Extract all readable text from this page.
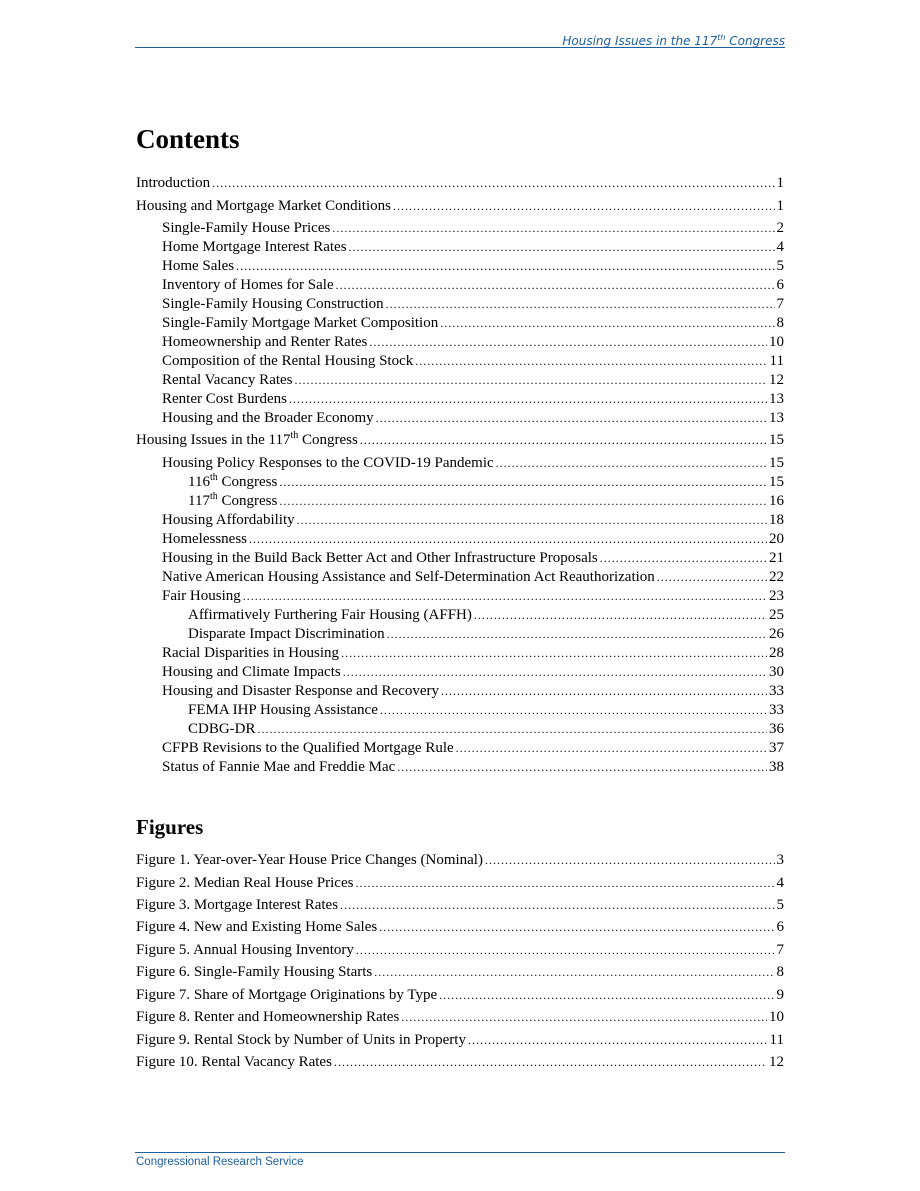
Housing Issues in the 117th Congress
Contents
Introduction .....	1
Housing and Mortgage Market Conditions .....	1
Single-Family House Prices .....	2
Home Mortgage Interest Rates .....	4
Home Sales .....	5
Inventory of Homes for Sale .....	6
Single-Family Housing Construction .....	7
Single-Family Mortgage Market Composition .....	8
Homeownership and Renter Rates .....	10
Composition of the Rental Housing Stock .....	11
Rental Vacancy Rates .....	12
Renter Cost Burdens .....	13
Housing and the Broader Economy .....	13
Housing Issues in the 117th Congress .....	15
Housing Policy Responses to the COVID-19 Pandemic .....	15
116th Congress .....	15
117th Congress .....	16
Housing Affordability .....	18
Homelessness .....	20
Housing in the Build Back Better Act and Other Infrastructure Proposals .....	21
Native American Housing Assistance and Self-Determination Act Reauthorization .....	22
Fair Housing .....	23
Affirmatively Furthering Fair Housing (AFFH) .....	25
Disparate Impact Discrimination .....	26
Racial Disparities in Housing .....	28
Housing and Climate Impacts .....	30
Housing and Disaster Response and Recovery .....	33
FEMA IHP Housing Assistance .....	33
CDBG-DR .....	36
CFPB Revisions to the Qualified Mortgage Rule .....	37
Status of Fannie Mae and Freddie Mac .....	38
Figures
Figure 1. Year-over-Year House Price Changes (Nominal) .....	3
Figure 2. Median Real House Prices .....	4
Figure 3. Mortgage Interest Rates .....	5
Figure 4. New and Existing Home Sales .....	6
Figure 5. Annual Housing Inventory .....	7
Figure 6. Single-Family Housing Starts .....	8
Figure 7. Share of Mortgage Originations by Type .....	9
Figure 8. Renter and Homeownership Rates .....	10
Figure 9. Rental Stock by Number of Units in Property .....	11
Figure 10. Rental Vacancy Rates .....	12
Congressional Research Service
